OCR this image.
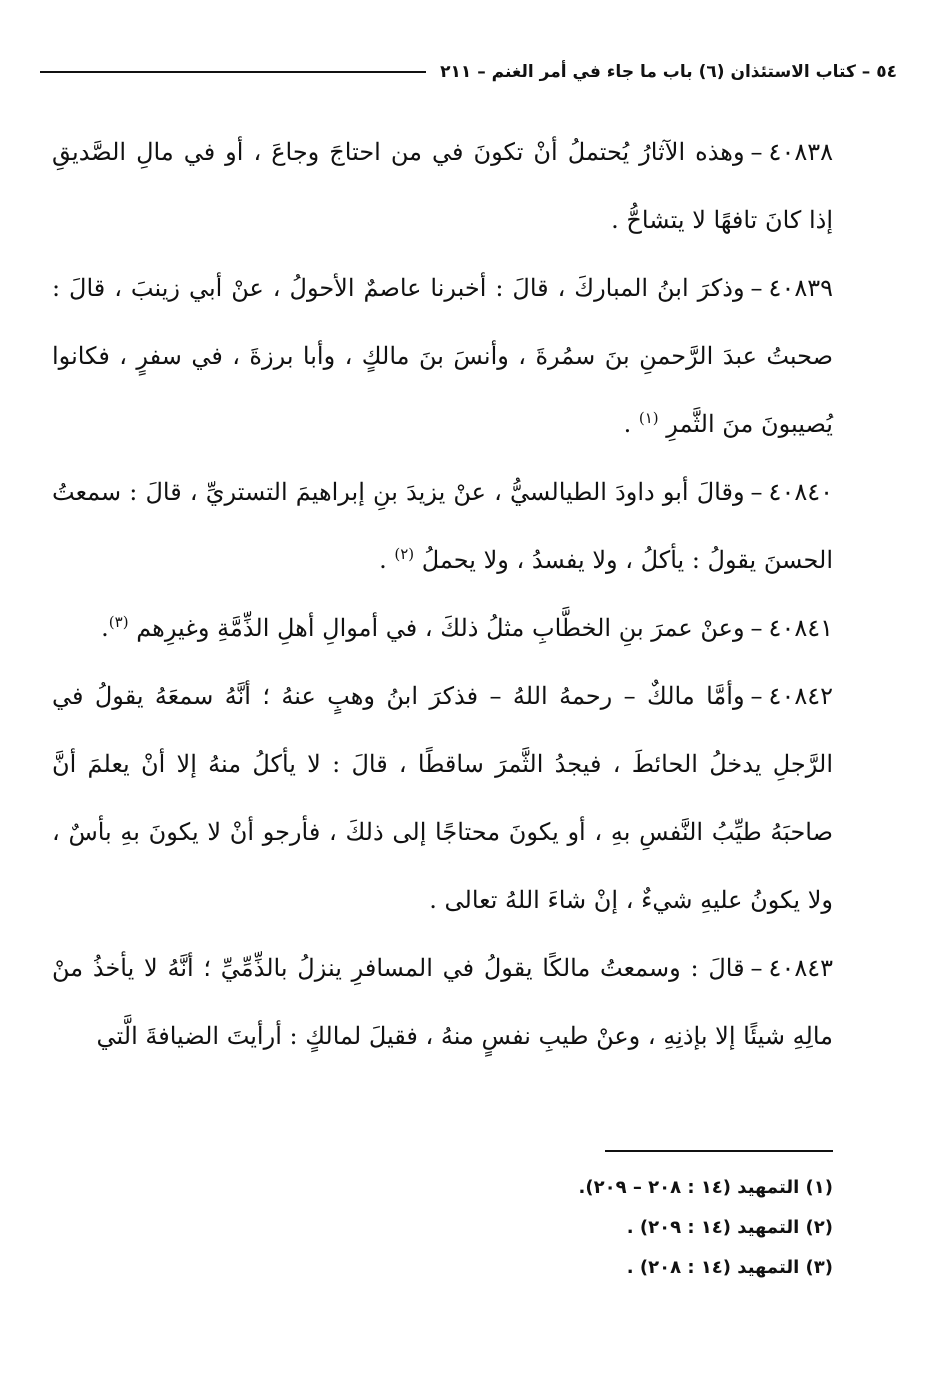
٥٤ – كتاب الاستئذان (٦) باب ما جاء في أمر الغنم – ٢١١

٤٠٨٣٨–وهذه الآثارُ يُحتملُ أنْ تكونَ في من احتاجَ وجاعَ ، أو في مالِ الصَّديقِ إذا كانَ تافهًا لا يتشاحُّ .

٤٠٨٣٩–وذكرَ ابنُ المباركَ ، قالَ : أخبرنا عاصمٌ الأحولُ ، عنْ أبي زينبَ ، قالَ : صحبتُ عبدَ الرَّحمنِ بنَ سمُرةَ ، وأنسَ بنَ مالكٍ ، وأبا برزةَ ، في سفرٍ ، فكانوا يُصيبونَ منَ الثَّمرِ $^{(١)}$ .

٤٠٨٤٠–وقالَ أبو داودَ الطيالسيُّ ، عنْ يزيدَ بنِ إبراهيمَ التستريِّ ، قالَ : سمعتُ الحسنَ يقولُ : يأكلُ ، ولا يفسدُ ، ولا يحملُ $^{(٢)}$ .

٤٠٨٤١–وعنْ عمرَ بنِ الخطَّابِ مثلُ ذلكَ ، في أموالِ أهلِ الذِّمَّةِ وغيرِهم $^{(٣)}$.

٤٠٨٤٢–وأمَّا مالكٌ – رحمهُ اللهُ – فذكرَ ابنُ وهبٍ عنهُ ؛ أنَّهُ سمعَهُ يقولُ في الرَّجلِ يدخلُ الحائطَ ، فيجدُ الثَّمرَ ساقطًا ، قالَ : لا يأكلُ منهُ إلا أنْ يعلمَ أنَّ صاحبَهُ طيِّبُ النَّفسِ بهِ ، أو يكونَ محتاجًا إلى ذلكَ ، فأرجو أنْ لا يكونَ بهِ بأسٌ ، ولا يكونُ عليهِ شيءٌ ، إنْ شاءَ اللهُ تعالى .

٤٠٨٤٣–قالَ : وسمعتُ مالكًا يقولُ في المسافرِ ينزلُ بالذِّمِّيِّ ؛ أنَّهُ لا يأخذُ منْ مالِهِ شيئًا إلا بإذنِهِ ، وعنْ طيبِ نفسٍ منهُ ، فقيلَ لمالكٍ : أرأيتَ الضيافةَ الَّتي

(١) التمهيد (١٤ : ٢٠٨ – ٢٠٩).
(٢) التمهيد (١٤ : ٢٠٩) .
(٣) التمهيد (١٤ : ٢٠٨) .
